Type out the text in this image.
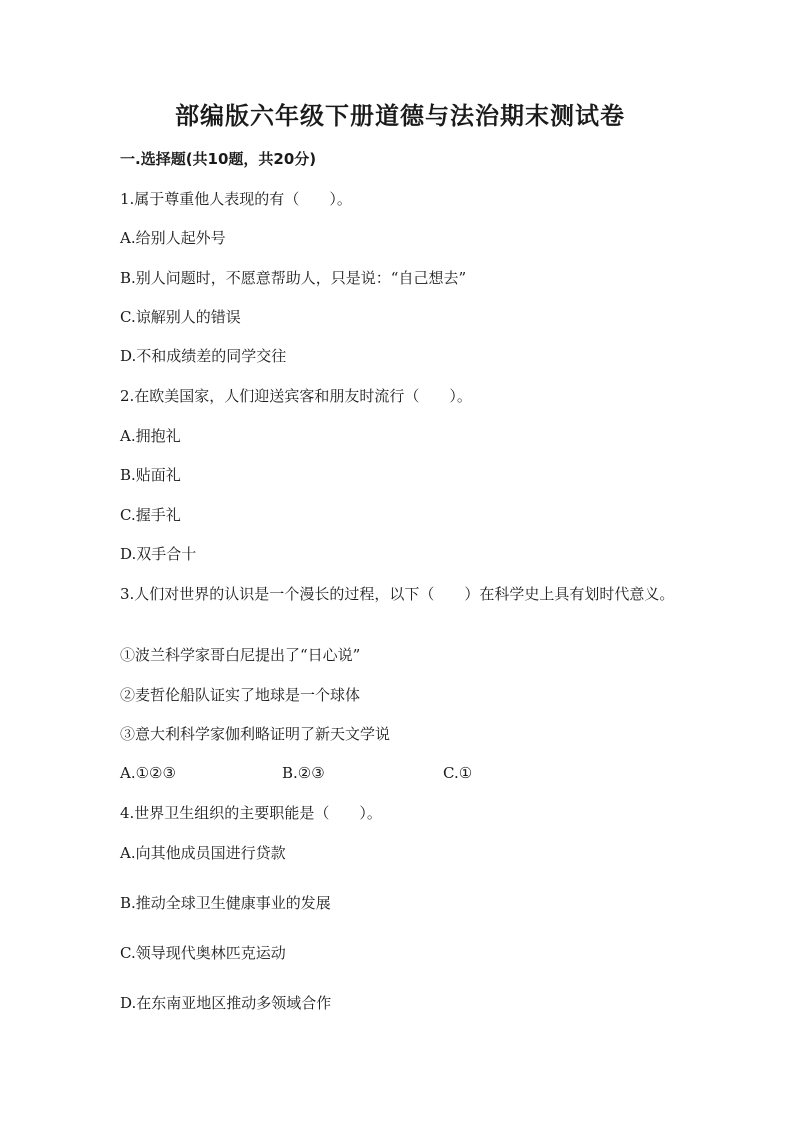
部编版六年级下册道德与法治期末测试卷
一.选择题(共10题，共20分)
1.属于尊重他人表现的有（　　）。
A.给别人起外号
B.别人问题时，不愿意帮助人，只是说：“自己想去”
C.谅解别人的错误
D.不和成绩差的同学交往
2.在欧美国家，人们迎送宾客和朋友时流行（　　）。
A.拥抱礼
B.贴面礼
C.握手礼
D.双手合十
3.人们对世界的认识是一个漫长的过程，以下（　　）在科学史上具有划时代意义。
①波兰科学家哥白尼提出了“日心说”
②麦哲伦船队证实了地球是一个球体
③意大利科学家伽利略证明了新天文学说
A.①②③	B.②③	C.①
4.世界卫生组织的主要职能是（　　）。
A.向其他成员国进行贷款
B.推动全球卫生健康事业的发展
C.领导现代奥林匹克运动
D.在东南亚地区推动多领域合作
